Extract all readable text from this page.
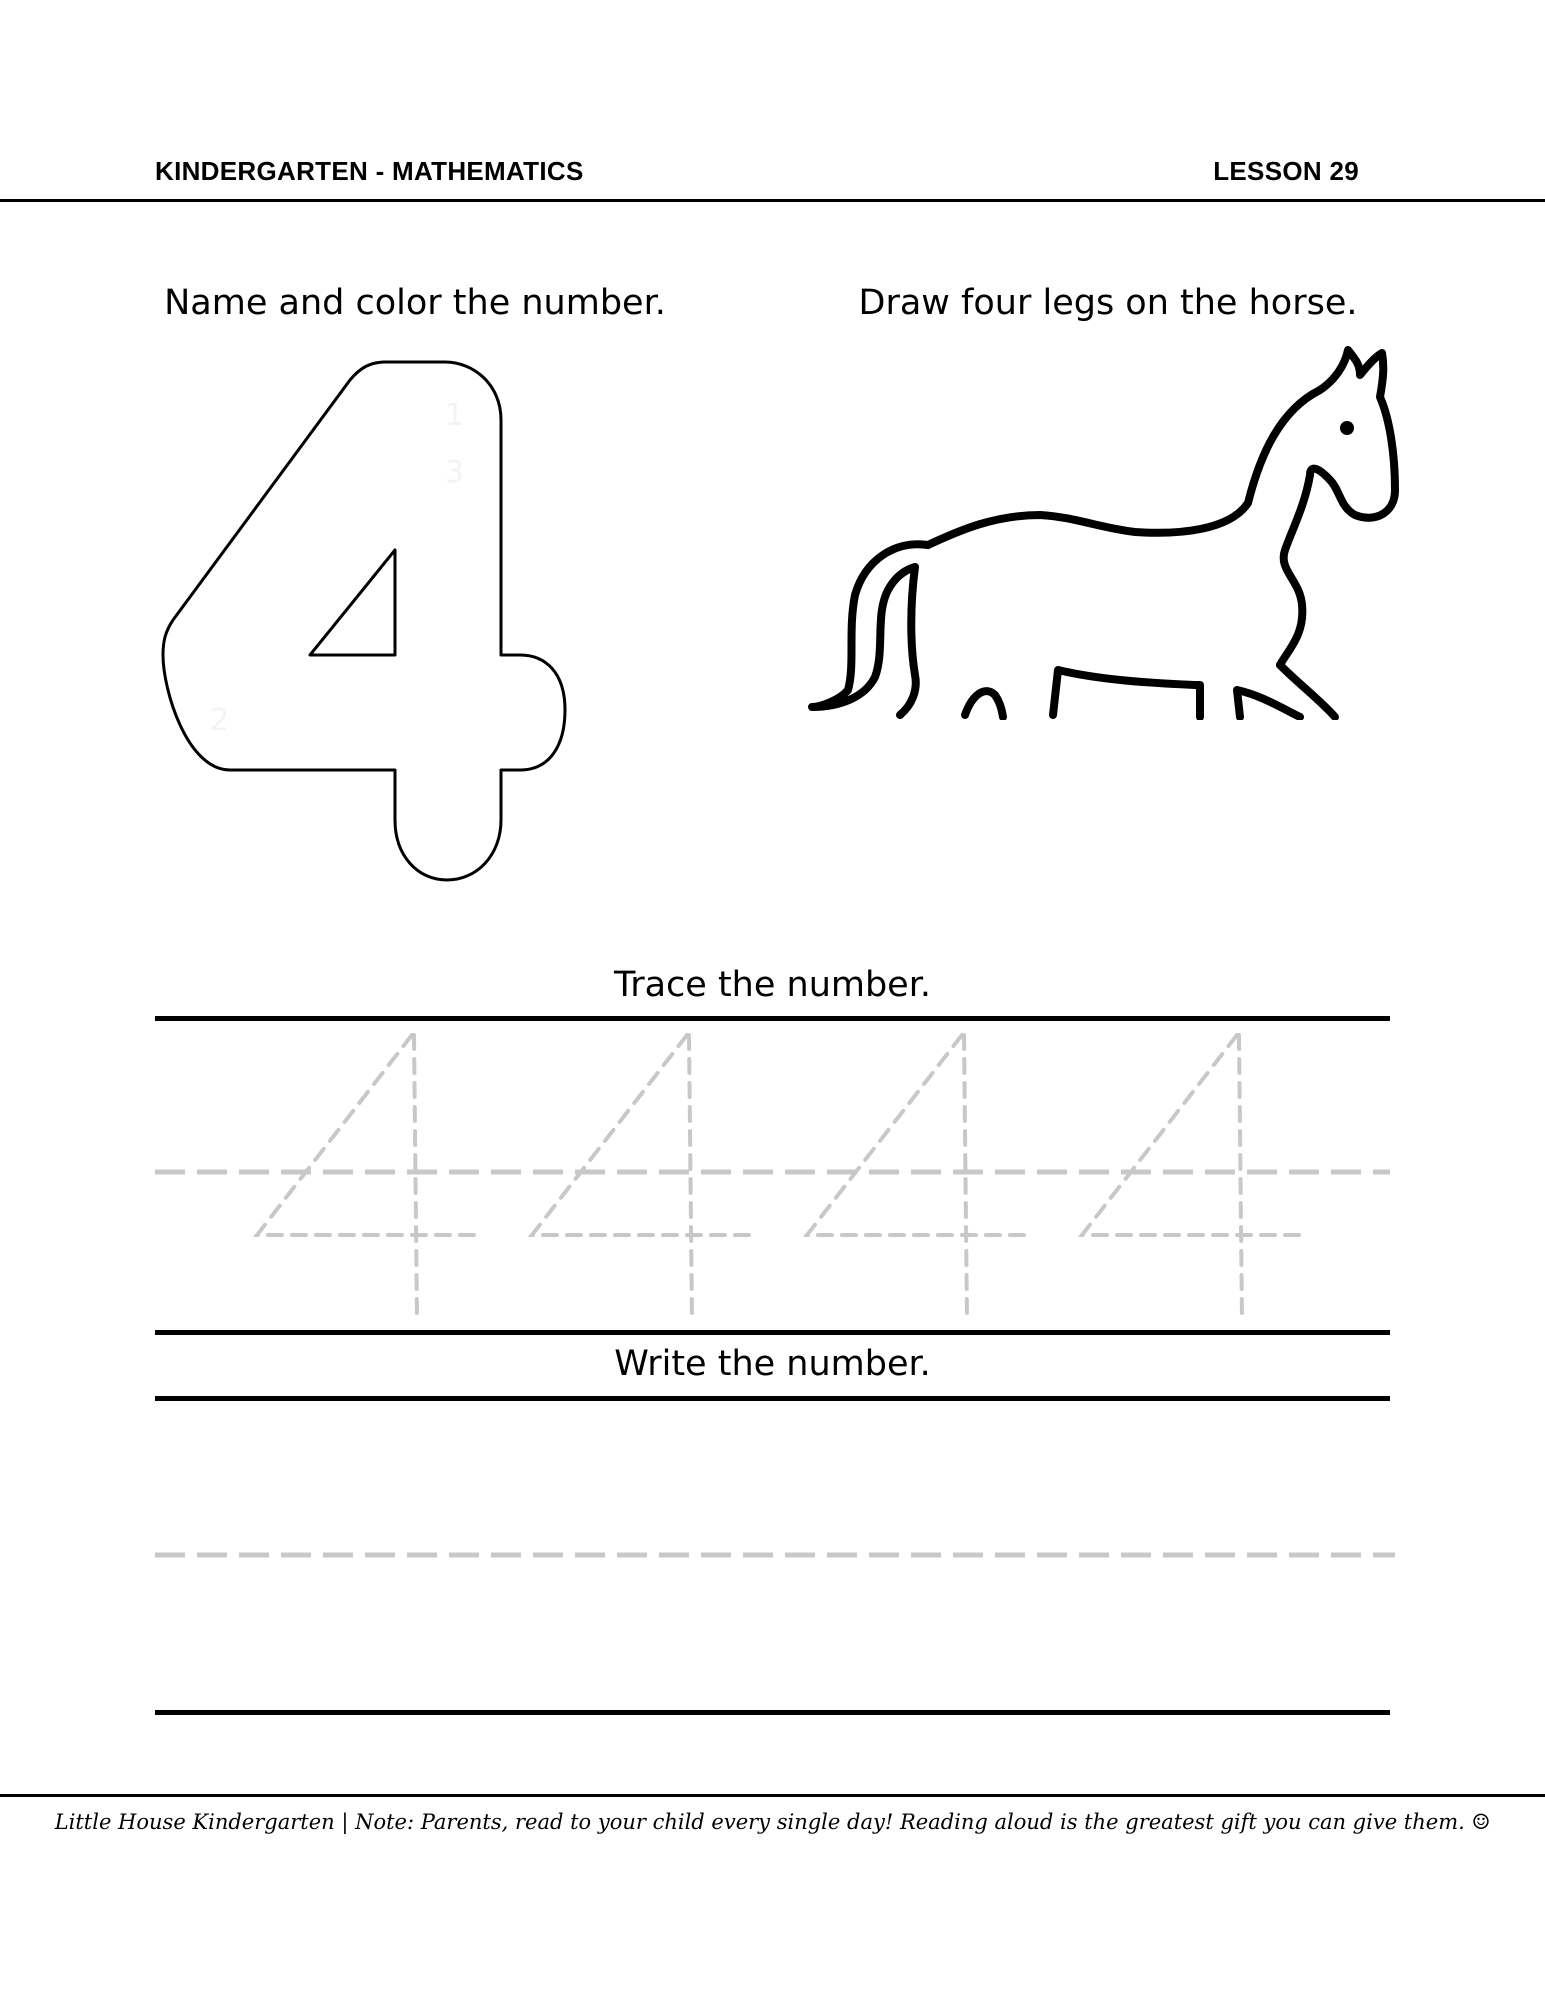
KINDERGARTEN - MATHEMATICS	LESSON 29
Name and color the number.	Draw four legs on the horse.
1
2
3
Trace the number.
Write the number.
Little House Kindergarten | Note: Parents, read to your child every single day! Reading aloud is the greatest gift you can give them. ☺
